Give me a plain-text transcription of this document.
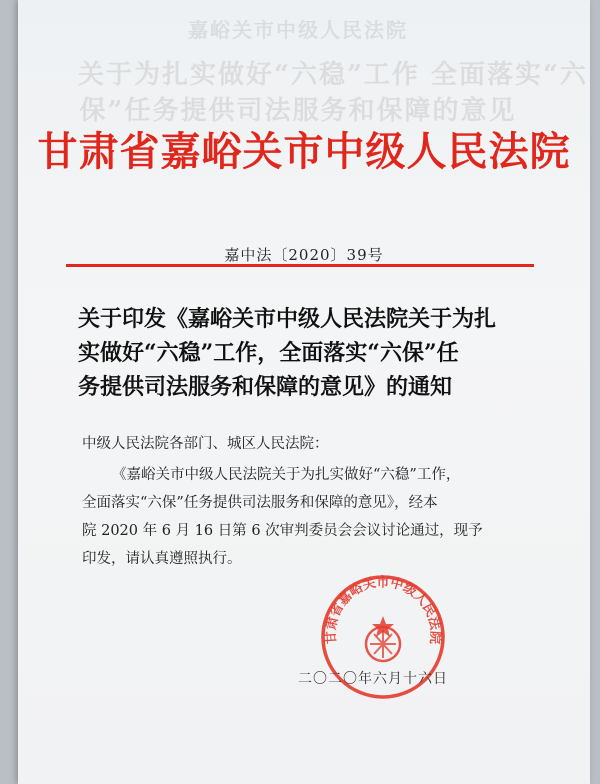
嘉峪关市中级人民法院
关于为扎实做好“六稳”工作 全面落实“六
保”任务提供司法服务和保障的意见
甘肃省嘉峪关市中级人民法院
嘉中法〔2020〕39号
关于印发《嘉峪关市中级人民法院关于为扎
实做好“六稳”工作，全面落实“六保”任
务提供司法服务和保障的意见》的通知
中级人民法院各部门、城区人民法院：
《嘉峪关市中级人民法院关于为扎实做好“六稳”工作，
全面落实“六保”任务提供司法服务和保障的意见》，经本
院 2020 年 6 月 16 日第 6 次审判委员会会议讨论通过，现予
印发，请认真遵照执行。
甘肃省嘉峪关市中级人民法院
二〇二〇年六月十六日
